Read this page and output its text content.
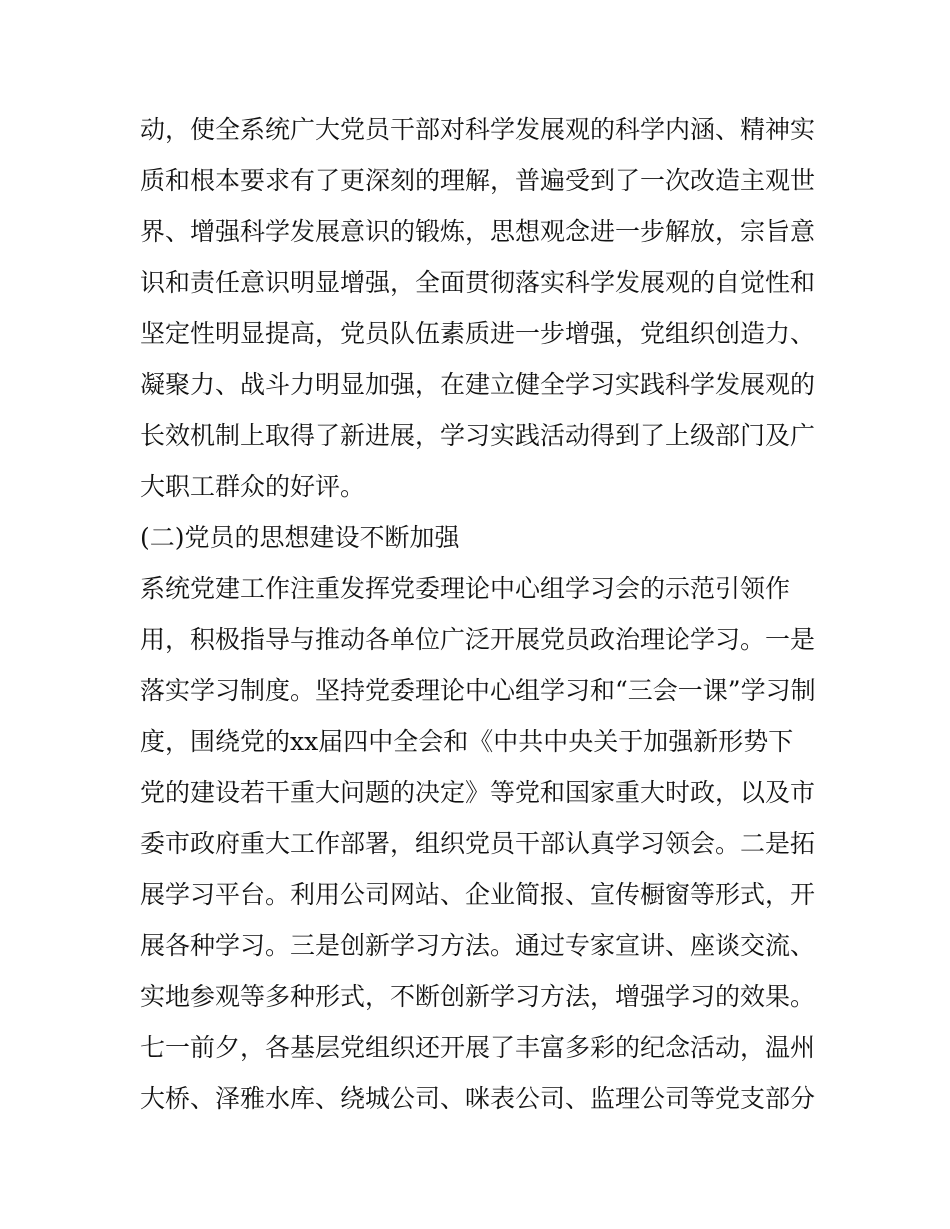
动，使全系统广大党员干部对科学发展观的科学内涵、精神实
质和根本要求有了更深刻的理解，普遍受到了一次改造主观世
界、增强科学发展意识的锻炼，思想观念进一步解放，宗旨意
识和责任意识明显增强，全面贯彻落实科学发展观的自觉性和
坚定性明显提高，党员队伍素质进一步增强，党组织创造力、
凝聚力、战斗力明显加强，在建立健全学习实践科学发展观的
长效机制上取得了新进展，学习实践活动得到了上级部门及广
大职工群众的好评。
(二)党员的思想建设不断加强
系统党建工作注重发挥党委理论中心组学习会的示范引领作
用，积极指导与推动各单位广泛开展党员政治理论学习。一是
落实学习制度。坚持党委理论中心组学习和“三会一课”学习制
度，围绕党的xx届四中全会和《中共中央关于加强新形势下
党的建设若干重大问题的决定》等党和国家重大时政，以及市
委市政府重大工作部署，组织党员干部认真学习领会。二是拓
展学习平台。利用公司网站、企业简报、宣传橱窗等形式，开
展各种学习。三是创新学习方法。通过专家宣讲、座谈交流、
实地参观等多种形式，不断创新学习方法，增强学习的效果。
七一前夕，各基层党组织还开展了丰富多彩的纪念活动，温州
大桥、泽雅水库、绕城公司、咪表公司、监理公司等党支部分
